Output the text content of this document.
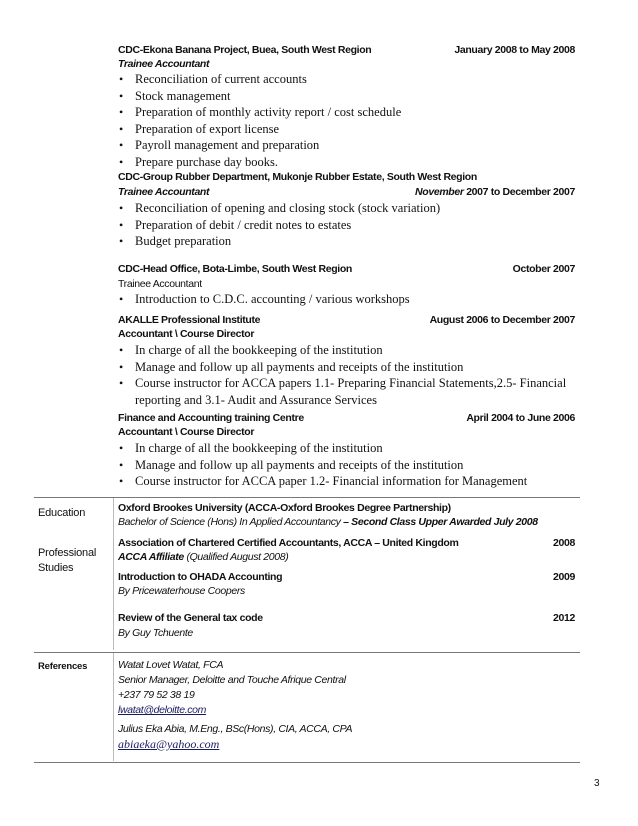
CDC-Ekona Banana Project, Buea, South West Region	January 2008 to May 2008
Trainee Accountant
• Reconciliation of current accounts
• Stock management
• Preparation of monthly activity report / cost schedule
• Preparation of export license
• Payroll management and preparation
• Prepare purchase day books.
CDC-Group Rubber Department, Mukonje Rubber Estate, South West Region
Trainee Accountant	November 2007 to December 2007
• Reconciliation of opening and closing stock (stock variation)
• Preparation of debit / credit notes to estates
• Budget preparation
CDC-Head Office, Bota-Limbe, South West Region	October 2007
Trainee Accountant
• Introduction to C.D.C. accounting / various workshops
AKALLE Professional Institute	August 2006 to December 2007
Accountant \ Course Director
• In charge of all the bookkeeping of the institution
• Manage and follow up all payments and receipts of the institution
• Course instructor for ACCA papers 1.1- Preparing Financial Statements,2.5- Financial reporting and 3.1- Audit and Assurance Services
Finance and Accounting training Centre	April 2004 to June 2006
Accountant \ Course Director
• In charge of all the bookkeeping of the institution
• Manage and follow up all payments and receipts of the institution
• Course instructor for ACCA paper 1.2- Financial information for Management
Education	Oxford Brookes University (ACCA-Oxford Brookes Degree Partnership)
Bachelor of Science (Hons) In Applied Accountancy – Second Class Upper Awarded July 2008
Professional
Studies
Association of Chartered Certified Accountants, ACCA – United Kingdom	2008
ACCA Affiliate (Qualified August 2008)
Introduction to OHADA Accounting	2009
By Pricewaterhouse Coopers
Review of the General tax code	2012
By Guy Tchuente
References	Watat Lovet Watat, FCA
Senior Manager, Deloitte and Touche Afrique Central
+237 79 52 38 19
lwatat@deloitte.com
Julius Eka Abia, M.Eng., BSc(Hons), CIA, ACCA, CPA
abiaeka@yahoo.com
3
